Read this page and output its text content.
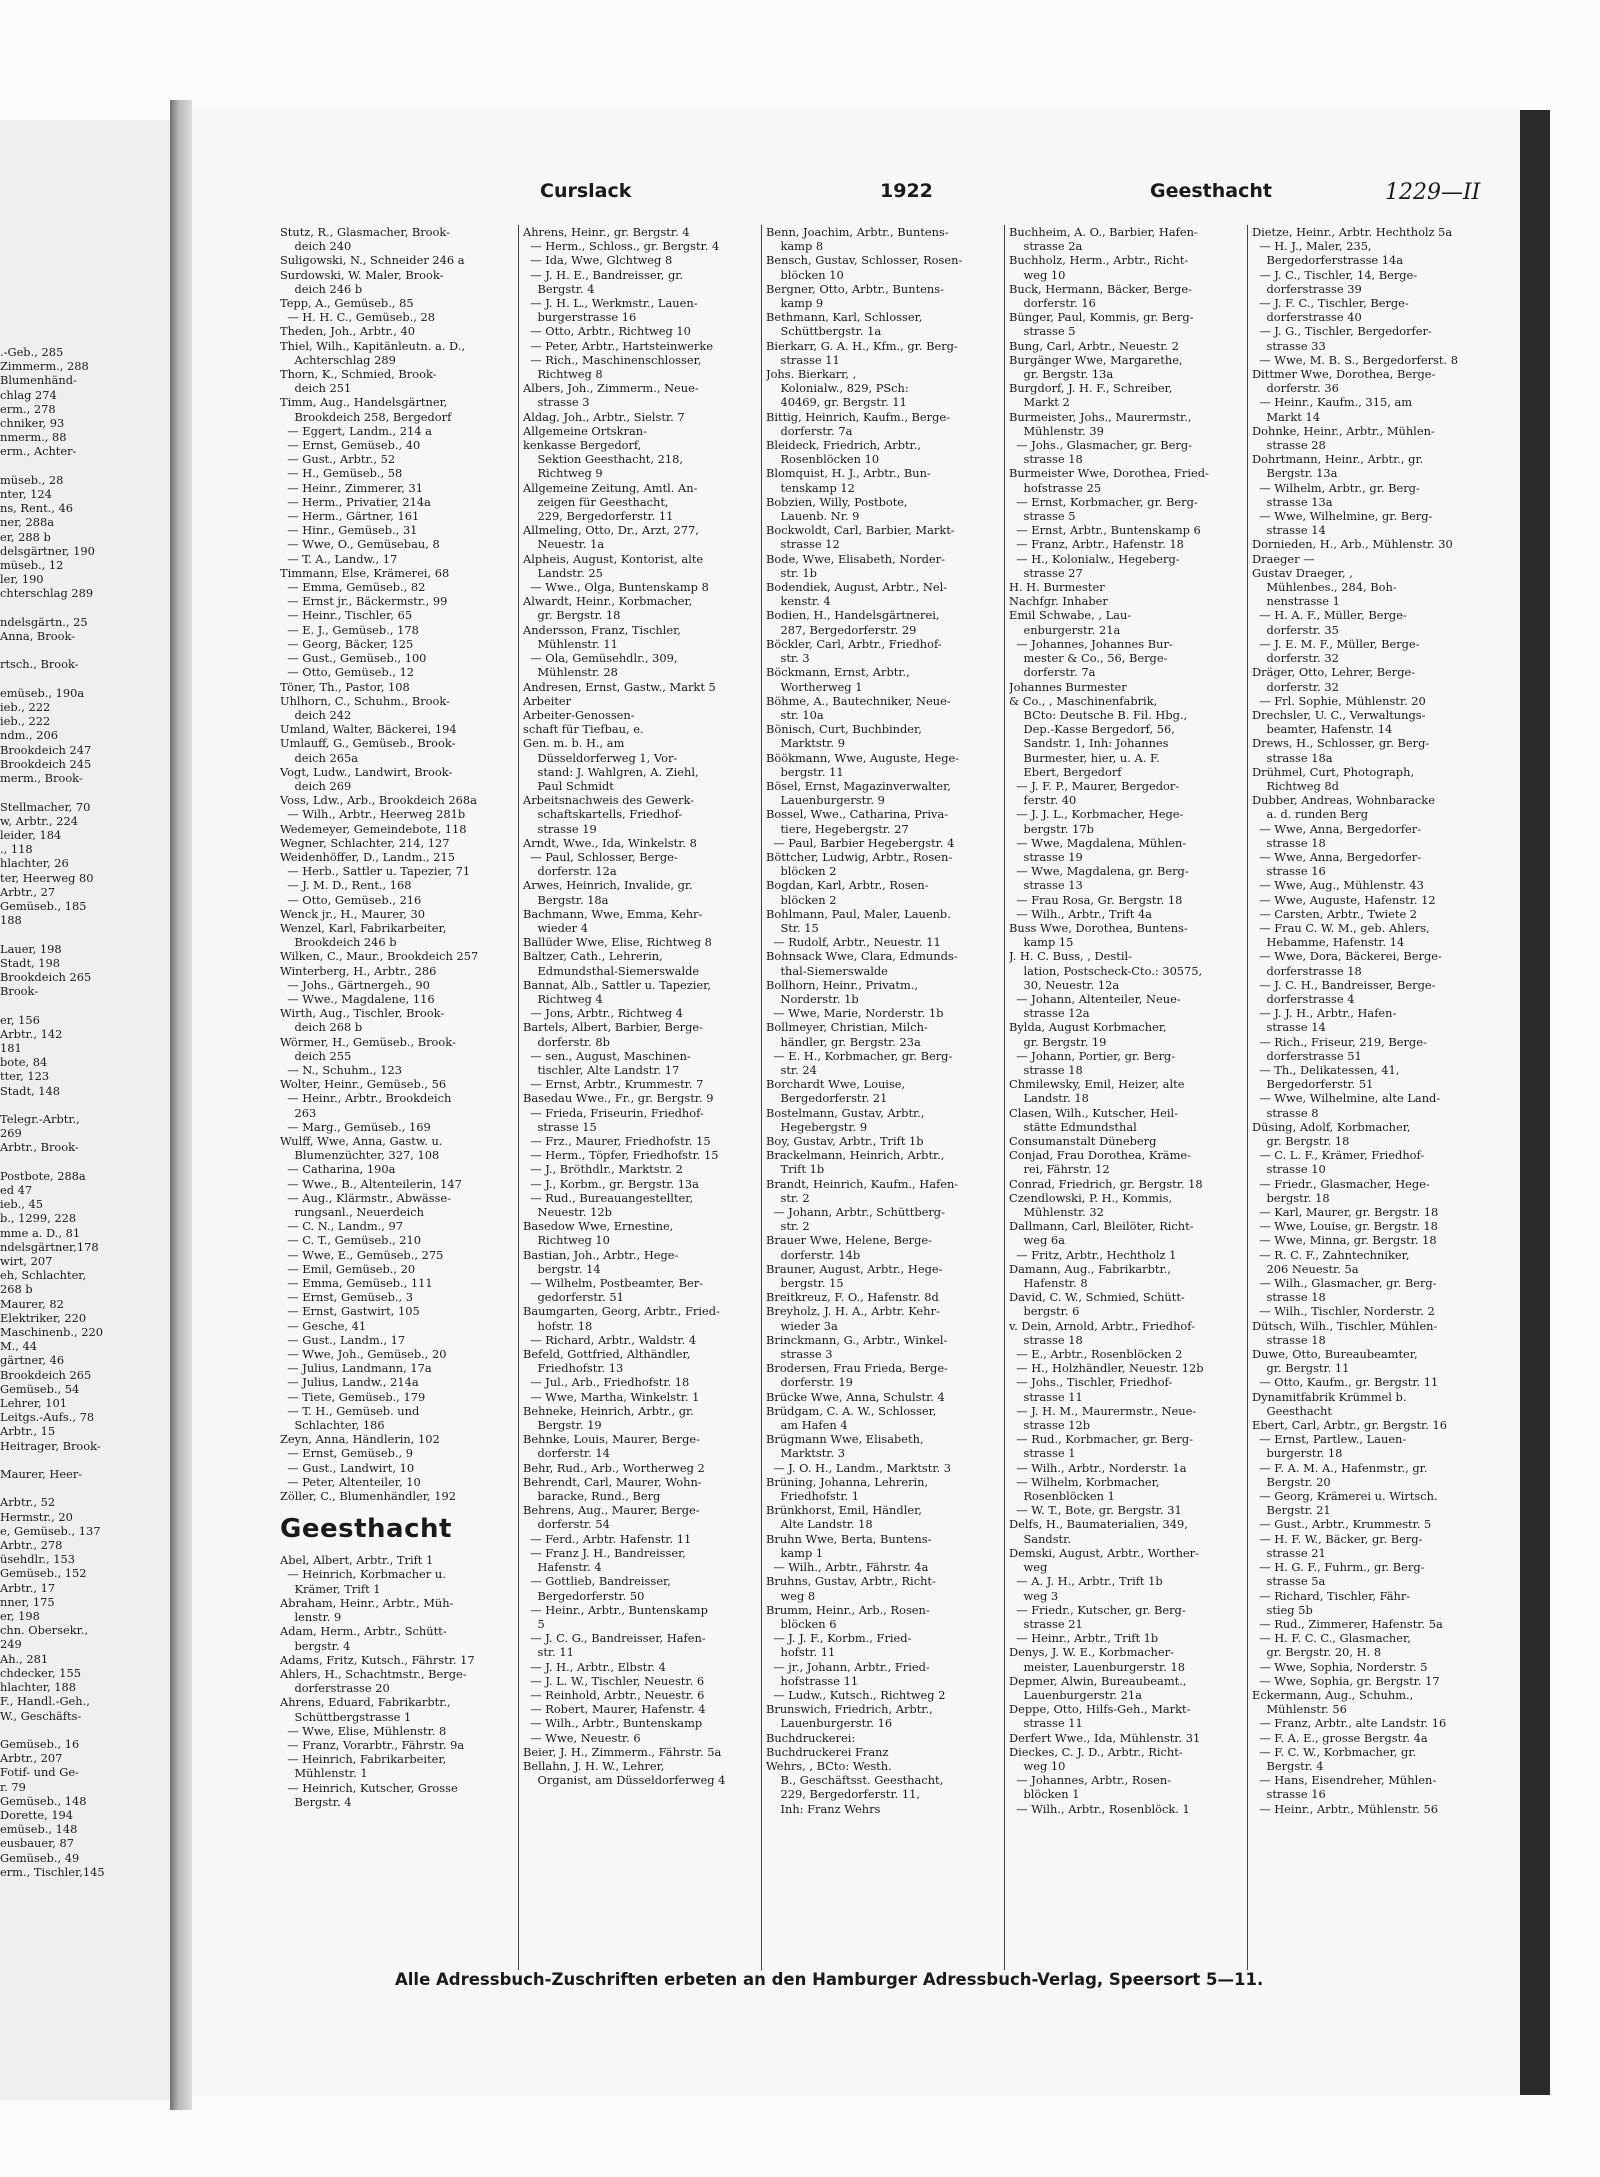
.-Geb., 285
Zimmerm., 288
Blumenhänd-
chlag 274
erm., 278
chniker, 93
nmerm., 88
erm., Achter-

müseb., 28
nter, 124
ns, Rent., 46
ner, 288a
er, 288 b
delsgärtner, 190
müseb., 12
ler, 190
chterschlag 289

ndelsgärtn., 25
Anna, Brook-

rtsch., Brook-

emüseb., 190a
ieb., 222
ieb., 222
ndm., 206
Brookdeich 247
Brookdeich 245
merm., Brook-

Stellmacher, 70
w, Arbtr., 224
leider, 184
., 118
hlachter, 26
ter, Heerweg 80
Arbtr., 27
Gemüseb., 185
188

Lauer, 198
Stadt, 198
Brookdeich 265
Brook-

er, 156
Arbtr., 142
181
bote, 84
tter, 123
Stadt, 148

Telegr.-Arbtr.,
269
Arbtr., Brook-

Postbote, 288a
ed 47
ieb., 45
b., 1299, 228
mme a. D., 81
ndelsgärtner,178
wirt, 207
eh, Schlachter,
268 b
Maurer, 82
Elektriker, 220
Maschinenb., 220
M., 44
gärtner, 46
Brookdeich 265
Gemüseb., 54
Lehrer, 101
Leitgs.-Aufs., 78
Arbtr., 15
Heitrager, Brook-

Maurer, Heer-

Arbtr., 52
Hermstr., 20
e, Gemüseb., 137
Arbtr., 278
üsehdlr., 153
Gemüseb., 152
Arbtr., 17
nner, 175
er, 198
chn. Obersekr.,
249
Ah., 281
chdecker, 155
hlachter, 188
F., Handl.-Geh.,
W., Geschäfts-

Gemüseb., 16
Arbtr., 207
Fotif- und Ge-
r. 79
Gemüseb., 148
Dorette, 194
emüseb., 148
eusbauer, 87
Gemüseb., 49
erm., Tischler,145
Curslack	1922	Geesthacht	1229—II
Stutz, R., Glasmacher, Brook-
deich 240
Suligowski, N., Schneider 246 a
Surdowski, W. Maler, Brook-
deich 246 b
Tepp, A., Gemüseb., 85
— H. H. C., Gemüseb., 28
Theden, Joh., Arbtr., 40
Thiel, Wilh., Kapitänleutn. a. D.,
Achterschlag 289
Thorn, K., Schmied, Brook-
deich 251
Timm, Aug., Handelsgärtner,
Brookdeich 258, Bergedorf
— Eggert, Landm., 214 a
— Ernst, Gemüseb., 40
— Gust., Arbtr., 52
— H., Gemüseb., 58
— Heinr., Zimmerer, 31
— Herm., Privatier, 214a
— Herm., Gärtner, 161
— Hinr., Gemüseb., 31
— Wwe, O., Gemüsebau, 8
— T. A., Landw., 17
Timmann, Else, Krämerei, 68
— Emma, Gemüseb., 82
— Ernst jr., Bäckermstr., 99
— Heinr., Tischler, 65
— E. J., Gemüseb., 178
— Georg, Bäcker, 125
— Gust., Gemüseb., 100
— Otto, Gemüseb., 12
Töner, Th., Pastor, 108
Uhlhorn, C., Schuhm., Brook-
deich 242
Umland, Walter, Bäckerei, 194
Umlauff, G., Gemüseb., Brook-
deich 265a
Vogt, Ludw., Landwirt, Brook-
deich 269
Voss, Ldw., Arb., Brookdeich 268a
— Wilh., Arbtr., Heerweg 281b
Wedemeyer, Gemeindebote, 118
Wegner, Schlachter, 214, 127
Weidenhöffer, D., Landm., 215
— Herb., Sattler u. Tapezier, 71
— J. M. D., Rent., 168
— Otto, Gemüseb., 216
Wenck jr., H., Maurer, 30
Wenzel, Karl, Fabrikarbeiter,
Brookdeich 246 b
Wilken, C., Maur., Brookdeich 257
Winterberg, H., Arbtr., 286
— Johs., Gärtnergeh., 90
— Wwe., Magdalene, 116
Wirth, Aug., Tischler, Brook-
deich 268 b
Wörmer, H., Gemüseb., Brook-
deich 255
— N., Schuhm., 123
Wolter, Heinr., Gemüseb., 56
— Heinr., Arbtr., Brookdeich
263
— Marg., Gemüseb., 169
Wulff, Wwe, Anna, Gastw. u.
Blumenzüchter, 327, 108
— Catharina, 190a
— Wwe., B., Altenteilerin, 147
— Aug., Klärmstr., Abwässe-
rungsanl., Neuerdeich
— C. N., Landm., 97
— C. T., Gemüseb., 210
— Wwe, E., Gemüseb., 275
— Emil, Gemüseb., 20
— Emma, Gemüseb., 111
— Ernst, Gemüseb., 3
— Ernst, Gastwirt, 105
— Gesche, 41
— Gust., Landm., 17
— Wwe, Joh., Gemüseb., 20
— Julius, Landmann, 17a
— Julius, Landw., 214a
— Tiete, Gemüseb., 179
— T. H., Gemüseb. und
Schlachter, 186
Zeyn, Anna, Händlerin, 102
— Ernst, Gemüseb., 9
— Gust., Landwirt, 10
— Peter, Altenteiler, 10
Zöller, C., Blumenhändler, 192
Geesthacht
Abel, Albert, Arbtr., Trift 1
— Heinrich, Korbmacher u.
Krämer, Trift 1
Abraham, Heinr., Arbtr., Müh-
lenstr. 9
Adam, Herm., Arbtr., Schütt-
bergstr. 4
Adams, Fritz, Kutsch., Fährstr. 17
Ahlers, H., Schachtmstr., Berge-
dorferstrasse 20
Ahrens, Eduard, Fabrikarbtr.,
Schüttbergstrasse 1
— Wwe, Elise, Mühlenstr. 8
— Franz, Vorarbtr., Fährstr. 9a
— Heinrich, Fabrikarbeiter,
Mühlenstr. 1
— Heinrich, Kutscher, Grosse
Bergstr. 4
Ahrens, Heinr., gr. Bergstr. 4
— Herm., Schloss., gr. Bergstr. 4
— Ida, Wwe, Glchtweg 8
— J. H. E., Bandreisser, gr.
Bergstr. 4
— J. H. L., Werkmstr., Lauen-
burgerstrasse 16
— Otto, Arbtr., Richtweg 10
— Peter, Arbtr., Hartsteinwerke
— Rich., Maschinenschlosser,
Richtweg 8
Albers, Joh., Zimmerm., Neue-
strasse 3
Aldag, Joh., Arbtr., Sielstr. 7
Allgemeine Ortskran-
kenkasse Bergedorf,
Sektion Geesthacht, 218,
Richtweg 9
Allgemeine Zeitung, Amtl. An-
zeigen für Geesthacht,
229, Bergedorferstr. 11
Allmeling, Otto, Dr., Arzt, 277,
Neuestr. 1a
Alpheis, August, Kontorist, alte
Landstr. 25
— Wwe., Olga, Buntenskamp 8
Alwardt, Heinr., Korbmacher,
gr. Bergstr. 18
Andersson, Franz, Tischler,
Mühlenstr. 11
— Ola, Gemüsehdlr., 309,
Mühlenstr. 28
Andresen, Ernst, Gastw., Markt 5
Arbeiter
Arbeiter-Genossen-
schaft für Tiefbau, e.
Gen. m. b. H., am
Düsseldorferweg 1, Vor-
stand: J. Wahlgren, A. Ziehl,
Paul Schmidt
Arbeitsnachweis des Gewerk-
schaftskartells, Friedhof-
strasse 19
Arndt, Wwe., Ida, Winkelstr. 8
— Paul, Schlosser, Berge-
dorferstr. 12a
Arwes, Heinrich, Invalide, gr.
Bergstr. 18a
Bachmann, Wwe, Emma, Kehr-
wieder 4
Ballüder Wwe, Elise, Richtweg 8
Baltzer, Cath., Lehrerin,
Edmundsthal-Siemerswalde
Bannat, Alb., Sattler u. Tapezier,
Richtweg 4
— Jons, Arbtr., Richtweg 4
Bartels, Albert, Barbier, Berge-
dorferstr. 8b
— sen., August, Maschinen-
tischler, Alte Landstr. 17
— Ernst, Arbtr., Krummestr. 7
Basedau Wwe., Fr., gr. Bergstr. 9
— Frieda, Friseurin, Friedhof-
strasse 15
— Frz., Maurer, Friedhofstr. 15
— Herm., Töpfer, Friedhofstr. 15
— J., Bröthdlr., Marktstr. 2
— J., Korbm., gr. Bergstr. 13a
— Rud., Bureauangestellter,
Neuestr. 12b
Basedow Wwe, Ernestine,
Richtweg 10
Bastian, Joh., Arbtr., Hege-
bergstr. 14
— Wilhelm, Postbeamter, Ber-
gedorferstr. 51
Baumgarten, Georg, Arbtr., Fried-
hofstr. 18
— Richard, Arbtr., Waldstr. 4
Befeld, Gottfried, Althändler,
Friedhofstr. 13
— Jul., Arb., Friedhofstr. 18
— Wwe, Martha, Winkelstr. 1
Behneke, Heinrich, Arbtr., gr.
Bergstr. 19
Behnke, Louis, Maurer, Berge-
dorferstr. 14
Behr, Rud., Arb., Wortherweg 2
Behrendt, Carl, Maurer, Wohn-
baracke, Rund., Berg
Behrens, Aug., Maurer, Berge-
dorferstr. 54
— Ferd., Arbtr. Hafenstr. 11
— Franz J. H., Bandreisser,
Hafenstr. 4
— Gottlieb, Bandreisser,
Bergedorferstr. 50
— Heinr., Arbtr., Buntenskamp
5
— J. C. G., Bandreisser, Hafen-
str. 11
— J. H., Arbtr., Elbstr. 4
— J. L. W., Tischler, Neuestr. 6
— Reinhold, Arbtr., Neuestr. 6
— Robert, Maurer, Hafenstr. 4
— Wilh., Arbtr., Buntenskamp
— Wwe, Neuestr. 6
Beier, J. H., Zimmerm., Fährstr. 5a
Bellahn, J. H. W., Lehrer,
Organist, am Düsseldorferweg 4
Benn, Joachim, Arbtr., Buntens-
kamp 8
Bensch, Gustav, Schlosser, Rosen-
blöcken 10
Bergner, Otto, Arbtr., Buntens-
kamp 9
Bethmann, Karl, Schlosser,
Schüttbergstr. 1a
Bierkarr, G. A. H., Kfm., gr. Berg-
strasse 11
Johs. Bierkarr, ,
Kolonialw., 829, PSch:
40469, gr. Bergstr. 11
Bittig, Heinrich, Kaufm., Berge-
dorferstr. 7a
Bleideck, Friedrich, Arbtr.,
Rosenblöcken 10
Blomquist, H. J., Arbtr., Bun-
tenskamp 12
Bobzien, Willy, Postbote,
Lauenb. Nr. 9
Bockwoldt, Carl, Barbier, Markt-
strasse 12
Bode, Wwe, Elisabeth, Norder-
str. 1b
Bodendiek, August, Arbtr., Nel-
kenstr. 4
Bodien, H., Handelsgärtnerei,
287, Bergedorferstr. 29
Böckler, Carl, Arbtr., Friedhof-
str. 3
Böckmann, Ernst, Arbtr.,
Wortherweg 1
Böhme, A., Bautechniker, Neue-
str. 10a
Bönisch, Curt, Buchbinder,
Marktstr. 9
Böökmann, Wwe, Auguste, Hege-
bergstr. 11
Bösel, Ernst, Magazinverwalter,
Lauenburgerstr. 9
Bossel, Wwe., Catharina, Priva-
tiere, Hegebergstr. 27
— Paul, Barbier Hegebergstr. 4
Böttcher, Ludwig, Arbtr., Rosen-
blöcken 2
Bogdan, Karl, Arbtr., Rosen-
blöcken 2
Bohlmann, Paul, Maler, Lauenb.
Str. 15
— Rudolf, Arbtr., Neuestr. 11
Bohnsack Wwe, Clara, Edmunds-
thal-Siemerswalde
Bollhorn, Heinr., Privatm.,
Norderstr. 1b
— Wwe, Marie, Norderstr. 1b
Bollmeyer, Christian, Milch-
händler, gr. Bergstr. 23a
— E. H., Korbmacher, gr. Berg-
str. 24
Borchardt Wwe, Louise,
Bergedorferstr. 21
Bostelmann, Gustav, Arbtr.,
Hegebergstr. 9
Boy, Gustav, Arbtr., Trift 1b
Brackelmann, Heinrich, Arbtr.,
Trift 1b
Brandt, Heinrich, Kaufm., Hafen-
str. 2
— Johann, Arbtr., Schüttberg-
str. 2
Brauer Wwe, Helene, Berge-
dorferstr. 14b
Brauner, August, Arbtr., Hege-
bergstr. 15
Breitkreuz, F. O., Hafenstr. 8d
Breyholz, J. H. A., Arbtr. Kehr-
wieder 3a
Brinckmann, G., Arbtr., Winkel-
strasse 3
Brodersen, Frau Frieda, Berge-
dorferstr. 19
Brücke Wwe, Anna, Schulstr. 4
Brüdgam, C. A. W., Schlosser,
am Hafen 4
Brügmann Wwe, Elisabeth,
Marktstr. 3
— J. O. H., Landm., Marktstr. 3
Brüning, Johanna, Lehrerin,
Friedhofstr. 1
Brünkhorst, Emil, Händler,
Alte Landstr. 18
Bruhn Wwe, Berta, Buntens-
kamp 1
— Wilh., Arbtr., Fährstr. 4a
Bruhns, Gustav, Arbtr., Richt-
weg 8
Brumm, Heinr., Arb., Rosen-
blöcken 6
— J. J. F., Korbm., Fried-
hofstr. 11
— jr., Johann, Arbtr., Fried-
hofstrasse 11
— Ludw., Kutsch., Richtweg 2
Brunswich, Friedrich, Arbtr.,
Lauenburgerstr. 16
Buchdruckerei:
Buchdruckerei Franz
Wehrs, , BCto: Westh.
B., Geschäftsst. Geesthacht,
229, Bergedorferstr. 11,
Inh: Franz Wehrs
Buchheim, A. O., Barbier, Hafen-
strasse 2a
Buchholz, Herm., Arbtr., Richt-
weg 10
Buck, Hermann, Bäcker, Berge-
dorferstr. 16
Bünger, Paul, Kommis, gr. Berg-
strasse 5
Bung, Carl, Arbtr., Neuestr. 2
Burgänger Wwe, Margarethe,
gr. Bergstr. 13a
Burgdorf, J. H. F., Schreiber,
Markt 2
Burmeister, Johs., Maurermstr.,
Mühlenstr. 39
— Johs., Glasmacher, gr. Berg-
strasse 18
Burmeister Wwe, Dorothea, Fried-
hofstrasse 25
— Ernst, Korbmacher, gr. Berg-
strasse 5
— Ernst, Arbtr., Buntenskamp 6
— Franz, Arbtr., Hafenstr. 18
— H., Kolonialw., Hegeberg-
strasse 27
H. H. Burmester
Nachfgr. Inhaber
Emil Schwabe, , Lau-
enburgerstr. 21a
— Johannes, Johannes Bur-
mester & Co., 56, Berge-
dorferstr. 7a
Johannes Burmester
& Co., , Maschinenfabrik,
BCto: Deutsche B. Fil. Hbg.,
Dep.-Kasse Bergedorf, 56,
Sandstr. 1, Inh: Johannes
Burmester, hier, u. A. F.
Ebert, Bergedorf
— J. F. P., Maurer, Bergedor-
ferstr. 40
— J. J. L., Korbmacher, Hege-
bergstr. 17b
— Wwe, Magdalena, Mühlen-
strasse 19
— Wwe, Magdalena, gr. Berg-
strasse 13
— Frau Rosa, Gr. Bergstr. 18
— Wilh., Arbtr., Trift 4a
Buss Wwe, Dorothea, Buntens-
kamp 15
J. H. C. Buss, , Destil-
lation, Postscheck-Cto.: 30575,
30, Neuestr. 12a
— Johann, Altenteiler, Neue-
strasse 12a
Bylda, August Korbmacher,
gr. Bergstr. 19
— Johann, Portier, gr. Berg-
strasse 18
Chmilewsky, Emil, Heizer, alte
Landstr. 18
Clasen, Wilh., Kutscher, Heil-
stätte Edmundsthal
Consumanstalt Düneberg
Conjad, Frau Dorothea, Kräme-
rei, Fährstr. 12
Conrad, Friedrich, gr. Bergstr. 18
Czendlowski, P. H., Kommis,
Mühlenstr. 32
Dallmann, Carl, Bleilöter, Richt-
weg 6a
— Fritz, Arbtr., Hechtholz 1
Damann, Aug., Fabrikarbtr.,
Hafenstr. 8
David, C. W., Schmied, Schütt-
bergstr. 6
v. Dein, Arnold, Arbtr., Friedhof-
strasse 18
— E., Arbtr., Rosenblöcken 2
— H., Holzhändler, Neuestr. 12b
— Johs., Tischler, Friedhof-
strasse 11
— J. H. M., Maurermstr., Neue-
strasse 12b
— Rud., Korbmacher, gr. Berg-
strasse 1
— Wilh., Arbtr., Norderstr. 1a
— Wilhelm, Korbmacher,
Rosenblöcken 1
— W. T., Bote, gr. Bergstr. 31
Delfs, H., Baumaterialien, 349,
Sandstr.
Demski, August, Arbtr., Worther-
weg
— A. J. H., Arbtr., Trift 1b
weg 3
— Friedr., Kutscher, gr. Berg-
strasse 21
— Heinr., Arbtr., Trift 1b
Denys, J. W. E., Korbmacher-
meister, Lauenburgerstr. 18
Depmer, Alwin, Bureaubeamt.,
Lauenburgerstr. 21a
Deppe, Otto, Hilfs-Geh., Markt-
strasse 11
Derfert Wwe., Ida, Mühlenstr. 31
Dieckes, C. J. D., Arbtr., Richt-
weg 10
— Johannes, Arbtr., Rosen-
blöcken 1
— Wilh., Arbtr., Rosenblöck. 1
Dietze, Heinr., Arbtr. Hechtholz 5a
— H. J., Maler, 235,
Bergedorferstrasse 14a
— J. C., Tischler, 14, Berge-
dorferstrasse 39
— J. F. C., Tischler, Berge-
dorferstrasse 40
— J. G., Tischler, Bergedorfer-
strasse 33
— Wwe, M. B. S., Bergedorferst. 8
Dittmer Wwe, Dorothea, Berge-
dorferstr. 36
— Heinr., Kaufm., 315, am
Markt 14
Dohnke, Heinr., Arbtr., Mühlen-
strasse 28
Dohrtmann, Heinr., Arbtr., gr.
Bergstr. 13a
— Wilhelm, Arbtr., gr. Berg-
strasse 13a
— Wwe, Wilhelmine, gr. Berg-
strasse 14
Dornieden, H., Arb., Mühlenstr. 30
Draeger —
Gustav Draeger, ,
Mühlenbes., 284, Boh-
nenstrasse 1
— H. A. F., Müller, Berge-
dorferstr. 35
— J. E. M. F., Müller, Berge-
dorferstr. 32
Dräger, Otto, Lehrer, Berge-
dorferstr. 32
— Frl. Sophie, Mühlenstr. 20
Drechsler, U. C., Verwaltungs-
beamter, Hafenstr. 14
Drews, H., Schlosser, gr. Berg-
strasse 18a
Drühmel, Curt, Photograph,
Richtweg 8d
Dubber, Andreas, Wohnbaracke
a. d. runden Berg
— Wwe, Anna, Bergedorfer-
strasse 18
— Wwe, Anna, Bergedorfer-
strasse 16
— Wwe, Aug., Mühlenstr. 43
— Wwe, Auguste, Hafenstr. 12
— Carsten, Arbtr., Twiete 2
— Frau C. W. M., geb. Ahlers,
Hebamme, Hafenstr. 14
— Wwe, Dora, Bäckerei, Berge-
dorferstrasse 18
— J. C. H., Bandreisser, Berge-
dorferstrasse 4
— J. J. H., Arbtr., Hafen-
strasse 14
— Rich., Friseur, 219, Berge-
dorferstrasse 51
— Th., Delikatessen, 41,
Bergedorferstr. 51
— Wwe, Wilhelmine, alte Land-
strasse 8
Düsing, Adolf, Korbmacher,
gr. Bergstr. 18
— C. L. F., Krämer, Friedhof-
strasse 10
— Friedr., Glasmacher, Hege-
bergstr. 18
— Karl, Maurer, gr. Bergstr. 18
— Wwe, Louise, gr. Bergstr. 18
— Wwe, Minna, gr. Bergstr. 18
— R. C. F., Zahntechniker,
206 Neuestr. 5a
— Wilh., Glasmacher, gr. Berg-
strasse 18
— Wilh., Tischler, Norderstr. 2
Dütsch, Wilh., Tischler, Mühlen-
strasse 18
Duwe, Otto, Bureaubeamter,
gr. Bergstr. 11
— Otto, Kaufm., gr. Bergstr. 11
Dynamitfabrik Krümmel b.
Geesthacht
Ebert, Carl, Arbtr., gr. Bergstr. 16
— Ernst, Partlew., Lauen-
burgerstr. 18
— F. A. M. A., Hafenmstr., gr.
Bergstr. 20
— Georg, Krämerei u. Wirtsch.
Bergstr. 21
— Gust., Arbtr., Krummestr. 5
— H. F. W., Bäcker, gr. Berg-
strasse 21
— H. G. F., Fuhrm., gr. Berg-
strasse 5a
— Richard, Tischler, Fähr-
stieg 5b
— Rud., Zimmerer, Hafenstr. 5a
— H. F. C. C., Glasmacher,
gr. Bergstr. 20, H. 8
— Wwe, Sophia, Norderstr. 5
— Wwe, Sophia, gr. Bergstr. 17
Eckermann, Aug., Schuhm.,
Mühlenstr. 56
— Franz, Arbtr., alte Landstr. 16
— F. A. E., grosse Bergstr. 4a
— F. C. W., Korbmacher, gr.
Bergstr. 4
— Hans, Eisendreher, Mühlen-
strasse 16
— Heinr., Arbtr., Mühlenstr. 56
Alle Adressbuch-Zuschriften erbeten an den Hamburger Adressbuch-Verlag, Speersort 5—11.
